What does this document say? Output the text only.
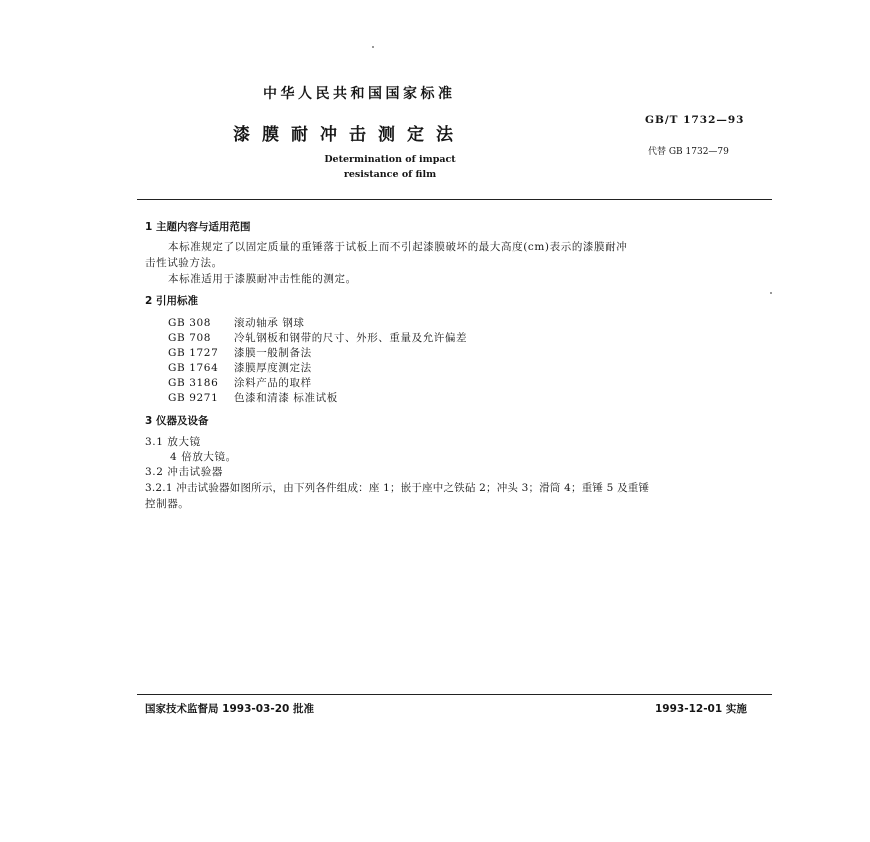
中华人民共和国国家标准
漆膜耐冲击测定法
Determination of impact
resistance of film
GB/T 1732—93
代替 GB 1732—79
1 主题内容与适用范围
本标准规定了以固定质量的重锤落于试板上而不引起漆膜破坏的最大高度(cm)表示的漆膜耐冲
击性试验方法。
本标准适用于漆膜耐冲击性能的测定。
2 引用标准
GB 308 滚动轴承 钢球
GB 708 冷轧钢板和钢带的尺寸、外形、重量及允许偏差
GB 1727 漆膜一般制备法
GB 1764 漆膜厚度测定法
GB 3186 涂料产品的取样
GB 9271 色漆和清漆 标准试板
3 仪器及设备
3.1 放大镜
4 倍放大镜。
3.2 冲击试验器
3.2.1 冲击试验器如图所示，由下列各件组成：座 1；嵌于座中之铁砧 2；冲头 3；滑筒 4；重锤 5 及重锤
控制器。
国家技术监督局 1993-03-20 批准	1993-12-01 实施
